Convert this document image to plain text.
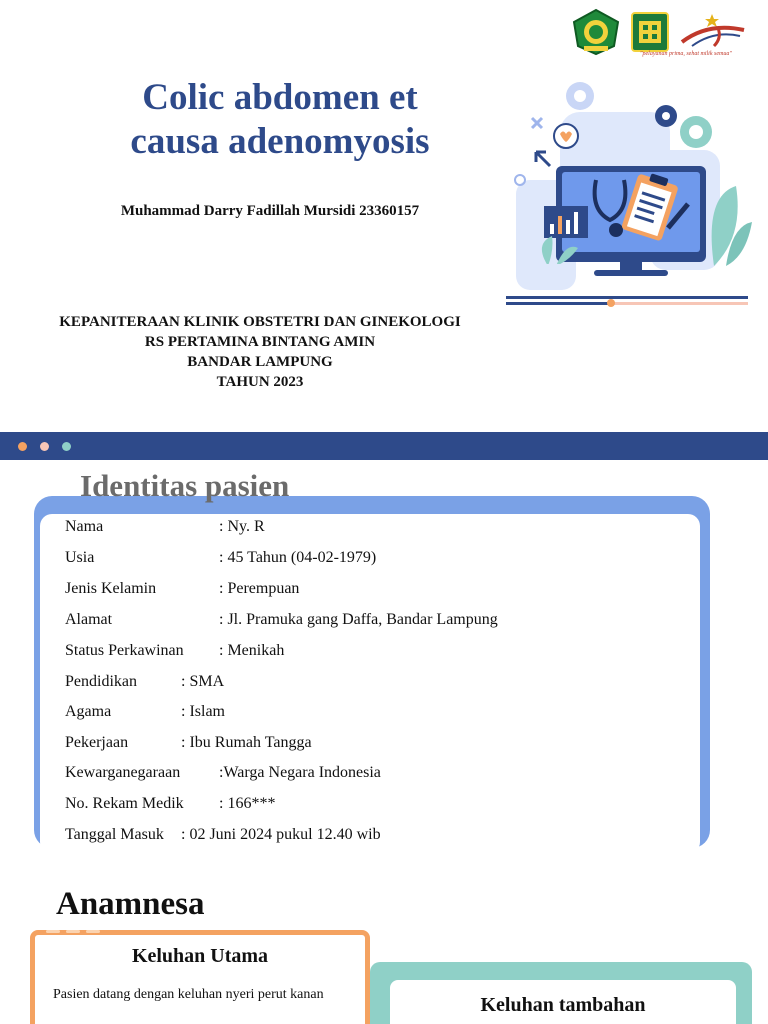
"pelayanan prima, sehat milik semua"
Colic abdomen et
causa adenomyosis
Muhammad Darry Fadillah Mursidi 23360157
KEPANITERAAN KLINIK OBSTETRI DAN GINEKOLOGI
RS PERTAMINA BINTANG AMIN
BANDAR LAMPUNG
TAHUN 2023
Identitas pasien
Nama	: Ny. R
Usia	: 45 Tahun (04-02-1979)
Jenis Kelamin	: Perempuan
Alamat	: Jl. Pramuka gang Daffa, Bandar Lampung
Status Perkawinan : Menikah
Pendidikan	: SMA
Agama	: Islam
Pekerjaan	: Ibu Rumah Tangga
Kewarganegaraan :Warga Negara Indonesia
No. Rekam Medik : 166***
Tanggal Masuk : 02 Juni 2024 pukul 12.40 wib
Anamnesa
Keluhan tambahan
Keluhan Utama
Pasien datang dengan keluhan nyeri perut kanan
